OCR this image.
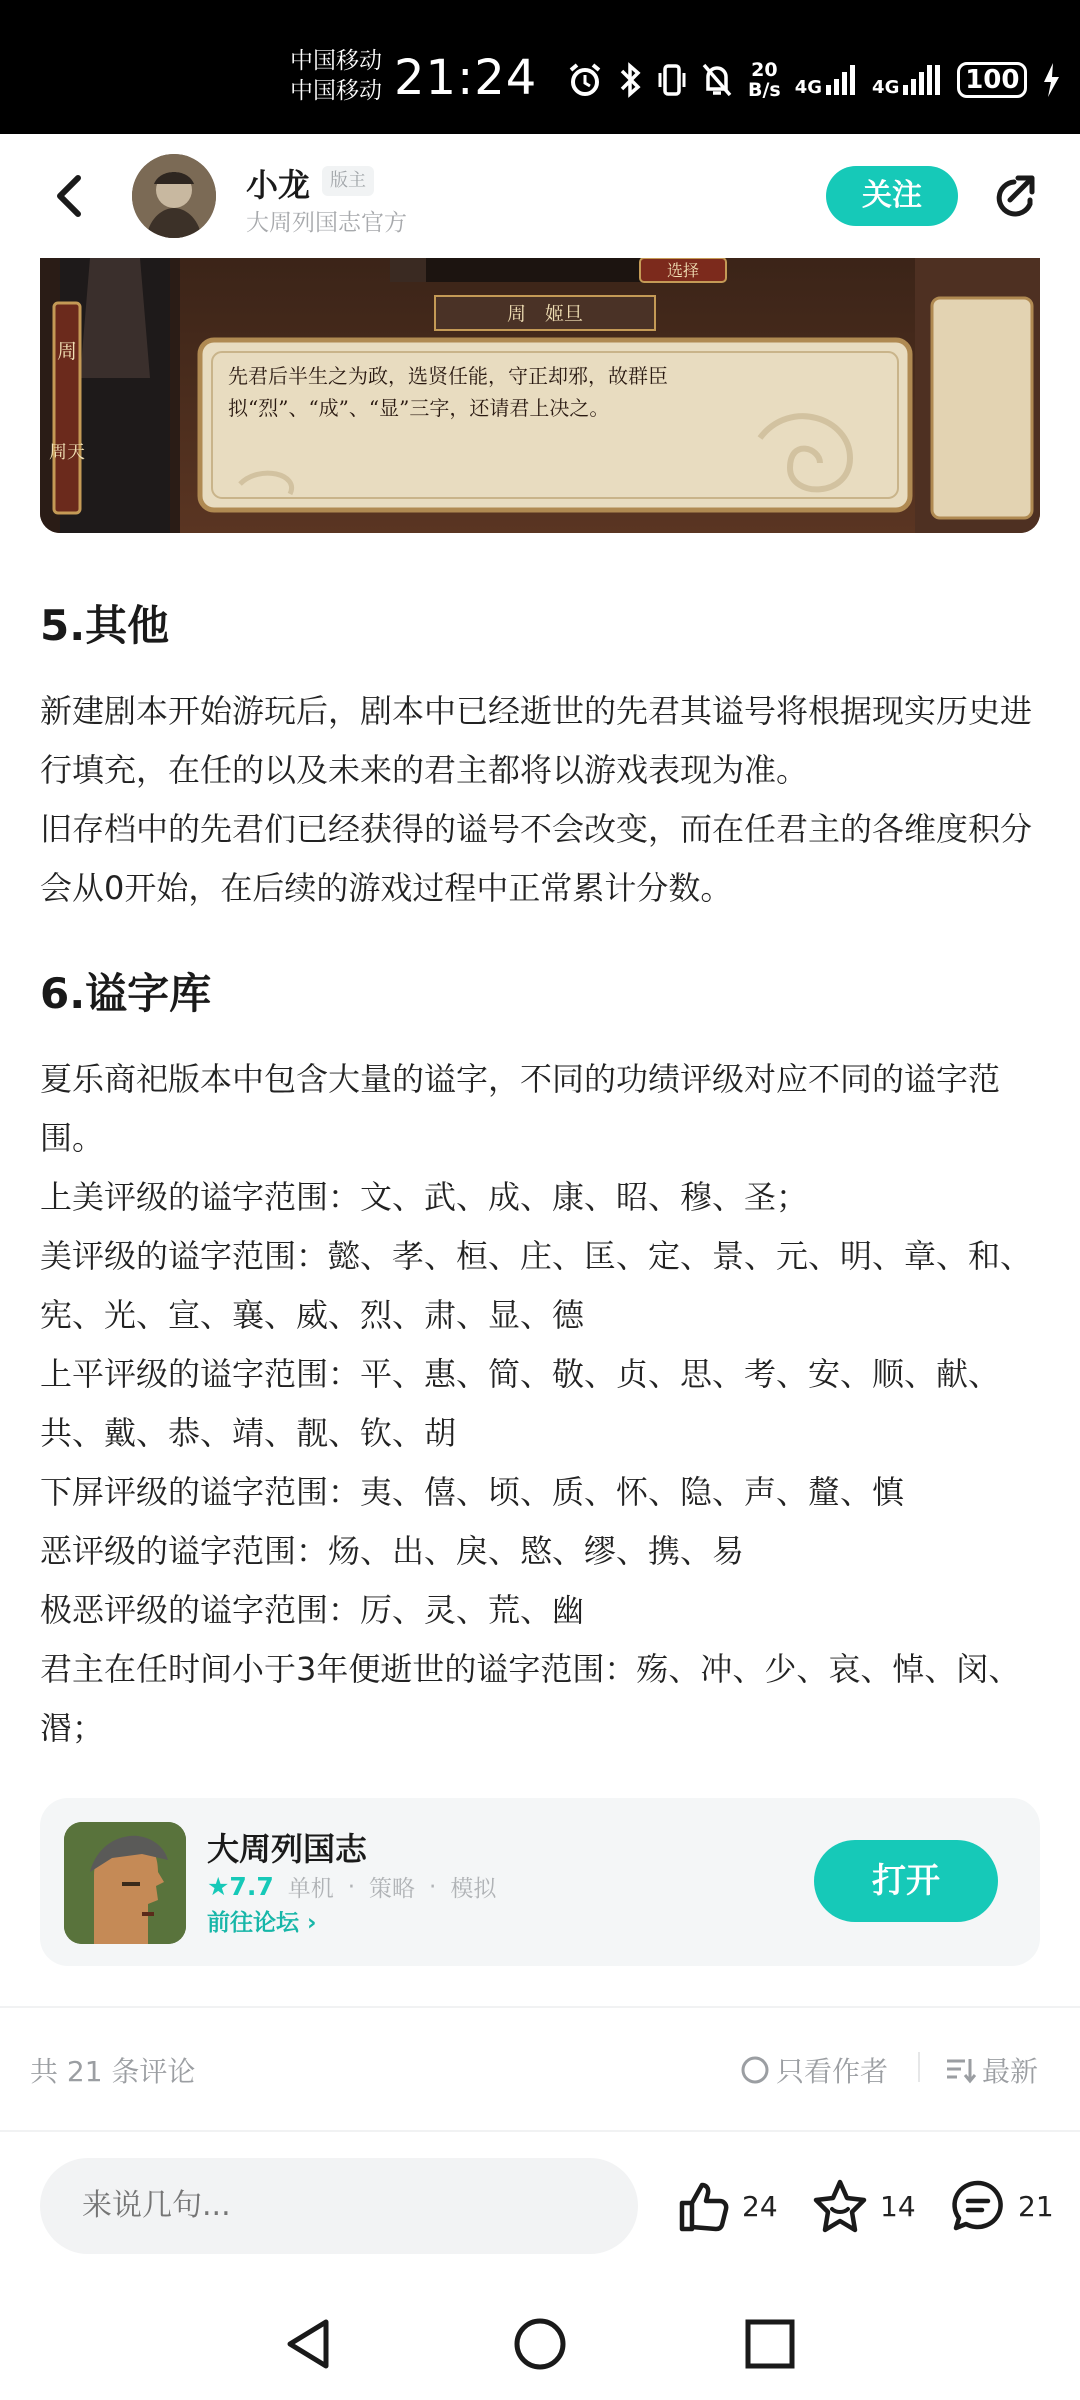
中国移动
中国移动 21:24	20
B/s 4G	4G	100
小龙	版主
大周列国志官方
关注
周
周天
选择
周　姬旦
先君后半生之为政，选贤任能，守正却邪，故群臣拟“烈”、“成”、“显”三字，还请君上决之。
5.其他
新建剧本开始游玩后，剧本中已经逝世的先君其谥号将根据现实历史进行填充，在任的以及未来的君主都将以游戏表现为准。
旧存档中的先君们已经获得的谥号不会改变，而在任君主的各维度积分会从0开始，在后续的游戏过程中正常累计分数。
6.谥字库
夏乐商祀版本中包含大量的谥字，不同的功绩评级对应不同的谥字范围。
上美评级的谥字范围：文、武、成、康、昭、穆、圣；
美评级的谥字范围：懿、孝、桓、庄、匡、定、景、元、明、章、和、宪、光、宣、襄、威、烈、肃、显、德
上平评级的谥字范围：平、惠、简、敬、贞、思、考、安、顺、献、共、戴、恭、靖、靓、钦、胡
下屏评级的谥字范围：夷、僖、顷、质、怀、隐、声、釐、慎
恶评级的谥字范围：炀、出、戾、愍、缪、携、易
极恶评级的谥字范围：厉、灵、荒、幽
君主在任时间小于3年便逝世的谥字范围：殇、冲、少、哀、悼、闵、湣；
大周列国志
★7.7 单机 · 策略 · 模拟
前往论坛 ›
打开
共 21 条评论	只看作者	最新
来说几句...
24	14	21
